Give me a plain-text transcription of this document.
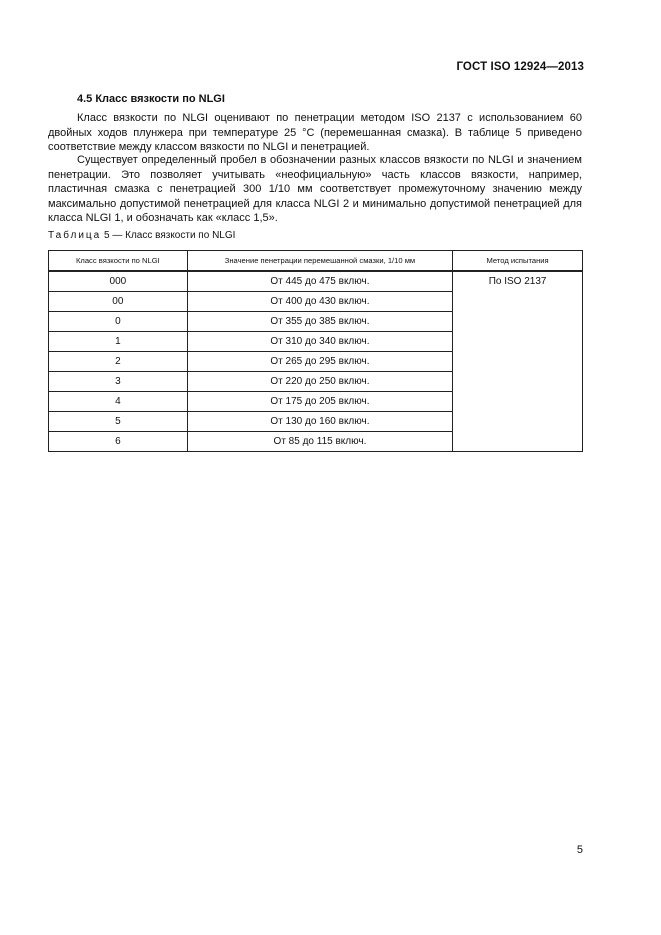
ГОСТ ISO 12924—2013
4.5 Класс вязкости по NLGI

Класс вязкости по NLGI оценивают по пенетрации методом ISO 2137 с использованием 60 двойных ходов плунжера при температуре 25 °С (перемешанная смазка). В таблице 5 приведено соответствие между классом вязкости по NLGI и пенетрацией.

Существует определенный пробел в обозначении разных классов вязкости по NLGI и значением пенетрации. Это позволяет учитывать «неофициальную» часть классов вязкости, например, пластичная смазка с пенетрацией 300 1/10 мм соответствует промежуточному значению между максимально допустимой пенетрацией для класса NLGI 2 и минимально допустимой пенетрацией для класса NLGI 1, и обозначать как «класс 1,5».

Таблица 5 — Класс вязкости по NLGI
Класс вязкости по NLGI	Значение пенетрации перемешанной смазки, 1/10 мм	Метод испытания
000	От 445 до 475 включ.	По ISO 2137
00	От 400 до 430 включ.	
0	От 355 до 385 включ.	
1	От 310 до 340 включ.	
2	От 265 до 295 включ.	
3	От 220 до 250 включ.	
4	От 175 до 205 включ.	
5	От 130 до 160 включ.	
6	От 85 до 115 включ.	
5
